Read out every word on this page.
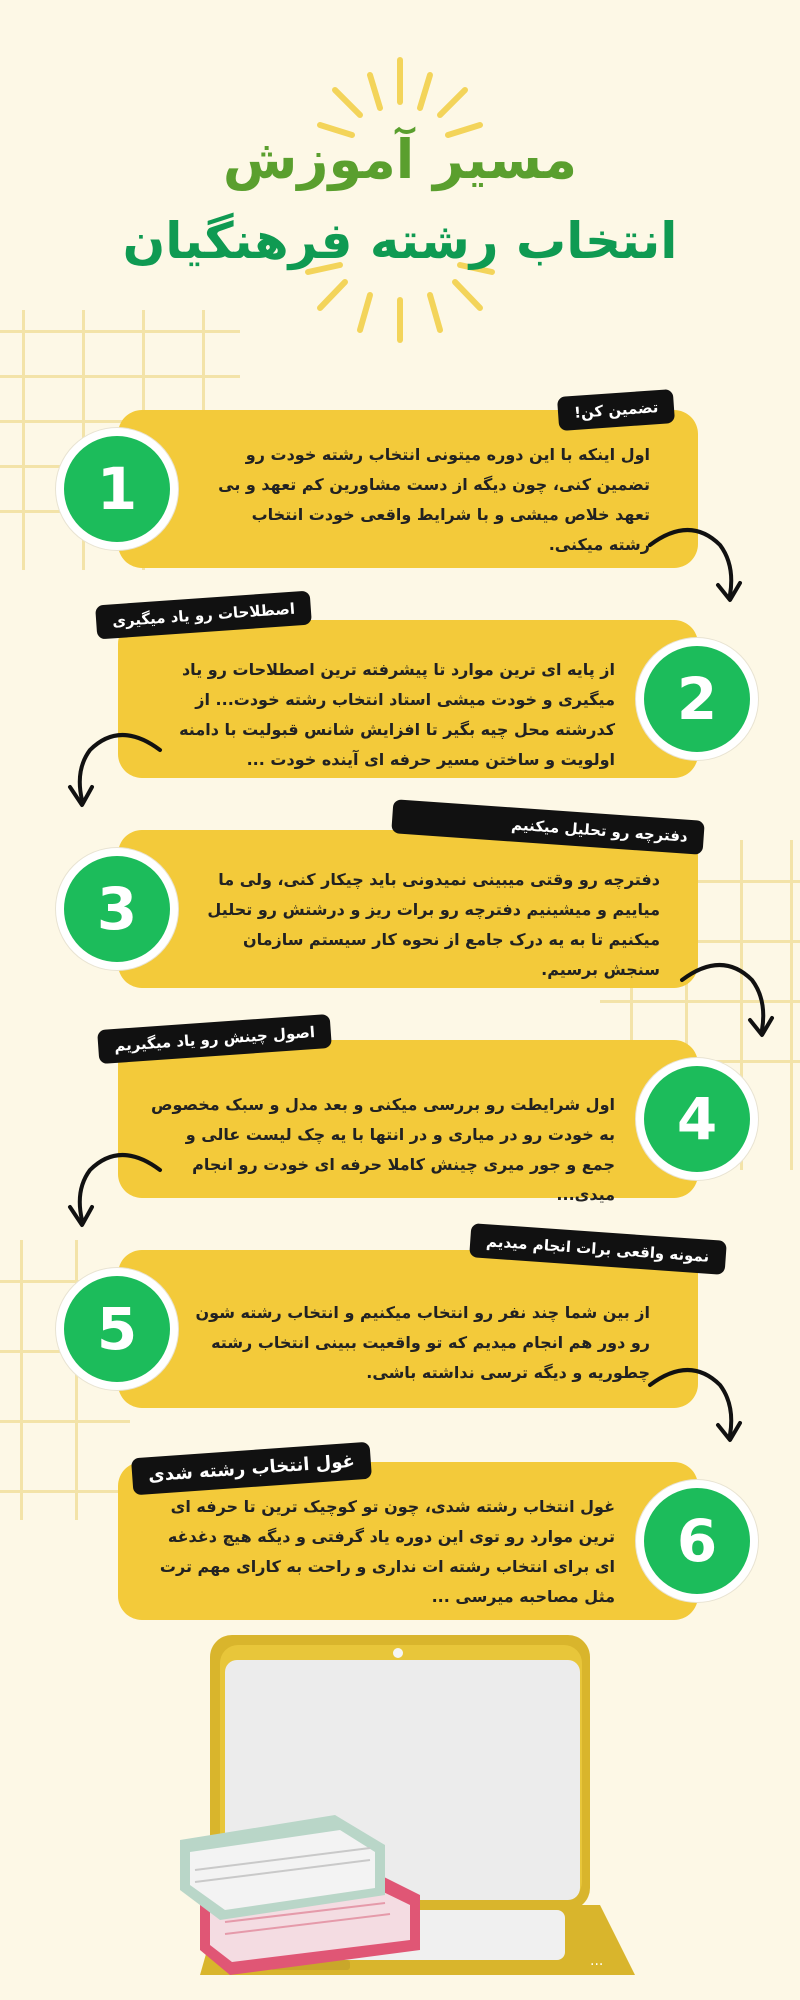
مسیر آموزش
انتخاب رشته فرهنگیان
اول اینکه با این دوره میتونی انتخاب رشته خودت رو تضمین کنی، چون دیگه از دست مشاورین کم تعهد و بی تعهد خلاص میشی و با شرایط واقعی خودت انتخاب رشته میکنی.
1
تضمین کن!
از پایه ای ترین موارد تا پیشرفته ترین اصطلاحات رو یاد میگیری و خودت میشی استاد انتخاب رشته خودت... از کدرشته محل چیه بگیر تا افزایش شانس قبولیت با دامنه اولویت و ساختن مسیر حرفه ای آینده خودت ...
2
اصطلاحات رو یاد میگیری
دفترچه رو وقتی میبینی نمیدونی باید چیکار کنی، ولی ما میاییم و میشینیم دفترچه رو برات ریز و درشتش رو تحلیل میکنیم تا به یه درک جامع از نحوه کار سیستم سازمان سنجش برسیم.
3
دفترچه رو تحلیل میکنیم
اول شرایطت رو بررسی میکنی و بعد مدل و سبک مخصوص به خودت رو در میاری و در انتها با یه چک لیست عالی و جمع و جور میری چینش کاملا حرفه ای خودت رو انجام میدی...
4
اصول چینش رو یاد میگیریم
از بین شما چند نفر رو انتخاب میکنیم و انتخاب رشته شون رو دور هم انجام میدیم که تو واقعیت ببینی انتخاب رشته چطوریه و دیگه ترسی نداشته باشی.
5
نمونه واقعی برات انجام میدیم
غول انتخاب رشته شدی، چون تو کوچیک ترین تا حرفه ای ترین موارد رو توی این دوره یاد گرفتی و دیگه هیچ دغدغه ای برای انتخاب رشته ات نداری و راحت به کارای مهم ترت مثل مصاحبه میرسی ...
6
غول انتخاب رشته شدی
...
